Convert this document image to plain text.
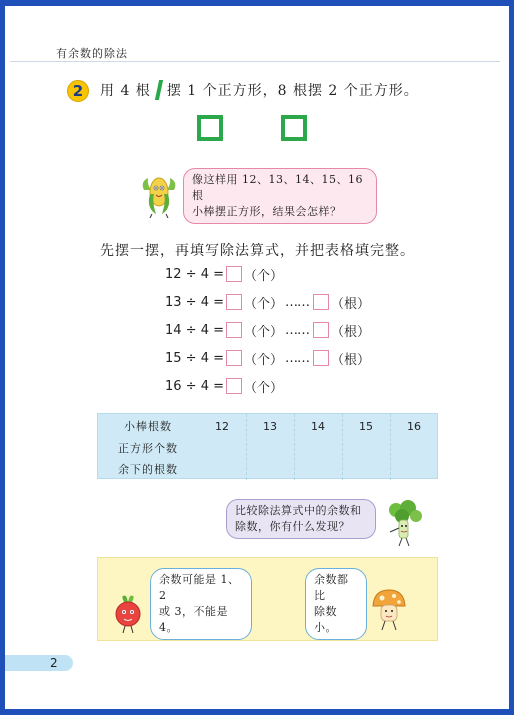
有余数的除法
2	用 4 根 摆 1 个正方形，8 根摆 2 个正方形。
像这样用 12、13、14、15、16 根
小棒摆正方形，结果会怎样？
先摆一摆，再填写除法算式，并把表格填完整。
12 ÷ 4 = （个）
13 ÷ 4 = （个） …… （根）
14 ÷ 4 = （个） …… （根）
15 ÷ 4 = （个） …… （根）
16 ÷ 4 = （个）
小棒根数	12	13	14	15	16
正方形个数
余下的根数
比较除法算式中的余数和
除数，你有什么发现？
余数可能是 1、2
或 3，不能是 4。
余数都比
除数小。
2
